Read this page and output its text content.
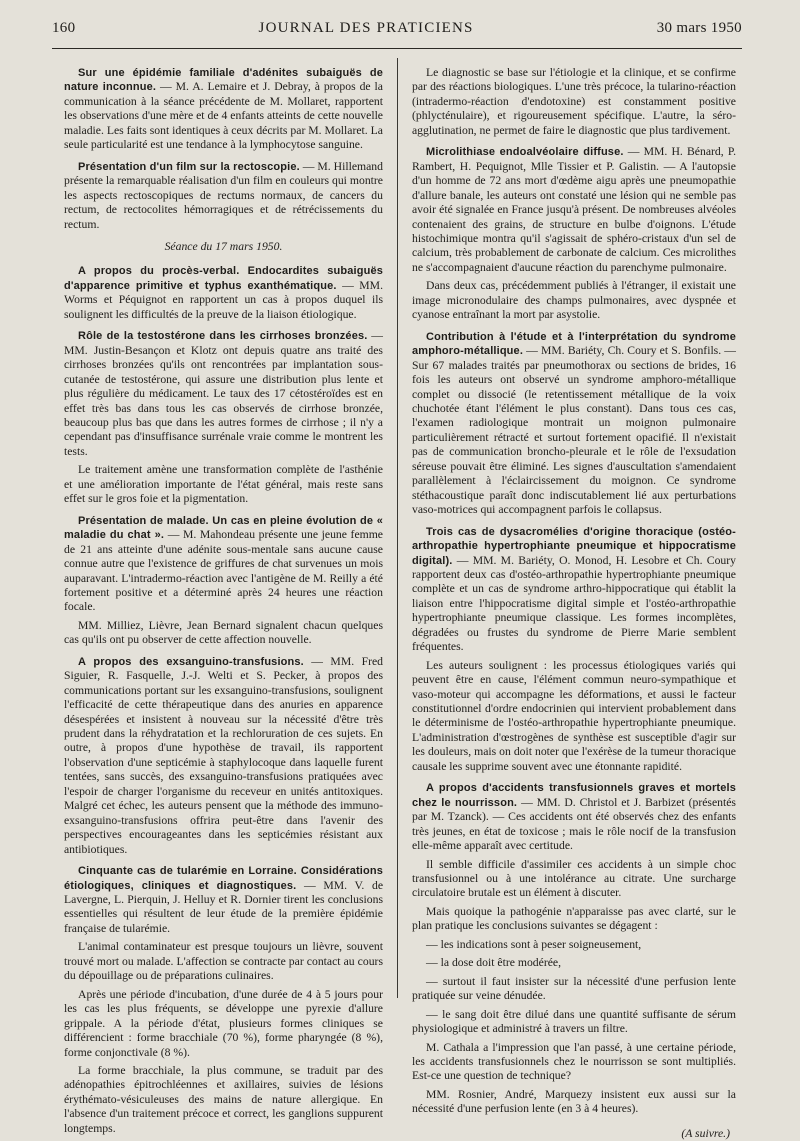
160	JOURNAL DES PRATICIENS	30 mars 1950

Sur une épidémie familiale d'adénites subaiguës de nature inconnue. — M. A. Lemaire et J. Debray, à propos de la communication à la séance précédente de M. Mollaret, rapportent les observations d'une mère et de 4 enfants atteints de cette nouvelle maladie. Les faits sont identiques à ceux décrits par M. Mollaret. La seule particularité est une tendance à la lymphocytose sanguine.

Présentation d'un film sur la rectoscopie. — M. Hillemand présente la remarquable réalisation d'un film en couleurs qui montre les aspects rectoscopiques de rectums normaux, de cancers du rectum, de rectocolites hémorragiques et de rétrécissements du rectum.

Séance du 17 mars 1950.

A propos du procès-verbal. Endocardites subaiguës d'apparence primitive et typhus exanthématique. — MM. Worms et Péquignot en rapportent un cas à propos duquel ils soulignent les difficultés de la preuve de la liaison étiologique.

Rôle de la testostérone dans les cirrhoses bronzées. — MM. Justin-Besançon et Klotz ont depuis quatre ans traité des cirrhoses bronzées qu'ils ont rencontrées par implantation sous-cutanée de testostérone, qui assure une distribution plus lente et plus régulière du médicament. Le taux des 17 cétostéroïdes est en effet très bas dans tous les cas observés de cirrhose bronzée, beaucoup plus bas que dans les autres formes de cirrhose ; il n'y a cependant pas d'insuffisance surrénale vraie comme le montrent les tests.

Le traitement amène une transformation complète de l'asthénie et une amélioration importante de l'état général, mais reste sans effet sur le gros foie et la pigmentation.

Présentation de malade. Un cas en pleine évolution de « maladie du chat ». — M. Mahondeau présente une jeune femme de 21 ans atteinte d'une adénite sous-mentale sans aucune cause connue autre que l'existence de griffures de chat survenues un mois auparavant. L'intradermo-réaction avec l'antigène de M. Reilly a été fortement positive et a déterminé après 24 heures une réaction focale.

MM. Milliez, Lièvre, Jean Bernard signalent chacun quelques cas qu'ils ont pu observer de cette affection nouvelle.

A propos des exsanguino-transfusions. — MM. Fred Siguier, R. Fasquelle, J.-J. Welti et S. Pecker, à propos des communications portant sur les exsanguino-transfusions, soulignent l'efficacité de cette thérapeutique dans des anuries en apparence désespérées et insistent à nouveau sur la nécessité d'être très prudent dans la réhydratation et la rechloruration de ces sujets. En outre, à propos d'une hypothèse de travail, ils rapportent l'observation d'une septicémie à staphylocoque dans laquelle furent tentées, sans succès, des exsanguino-transfusions pratiquées avec l'espoir de charger l'organisme du receveur en unités antitoxiques. Malgré cet échec, les auteurs pensent que la méthode des immuno-exsanguino-transfusions offrira peut-être dans l'avenir des perspectives encourageantes dans les septicémies résistant aux antibiotiques.

Cinquante cas de tularémie en Lorraine. Considérations étiologiques, cliniques et diagnostiques. — MM. V. de Lavergne, L. Pierquin, J. Helluy et R. Dornier tirent les conclusions essentielles qui résultent de leur étude de la première épidémie française de tularémie.

L'animal contaminateur est presque toujours un lièvre, souvent trouvé mort ou malade. L'affection se contracte par contact au cours du dépouillage ou de préparations culinaires.

Après une période d'incubation, d'une durée de 4 à 5 jours pour les cas les plus fréquents, se développe une pyrexie d'allure grippale. A la période d'état, plusieurs formes cliniques se différencient : forme bracchiale (70 %), forme pharyngée (8 %), forme conjonctivale (8 %).

La forme bracchiale, la plus commune, se traduit par des adénopathies épitrochléennes et axillaires, suivies de lésions érythémato-vésiculeuses des mains de nature allergique. En l'absence d'un traitement précoce et correct, les ganglions suppurent longtemps.

Le diagnostic se base sur l'étiologie et la clinique, et se confirme par des réactions biologiques. L'une très précoce, la tularino-réaction (intradermo-réaction d'endotoxine) est constamment positive (phlycténulaire), et rigoureusement spécifique. L'autre, la séro-agglutination, ne permet de faire le diagnostic que plus tardivement.

Microlithiase endoalvéolaire diffuse. — MM. H. Bénard, P. Rambert, H. Pequignot, Mlle Tissier et P. Galistin. — A l'autopsie d'un homme de 72 ans mort d'œdème aigu après une pneumopathie d'allure banale, les auteurs ont constaté une lésion qui ne semble pas avoir été signalée en France jusqu'à présent. De nombreuses alvéoles contenaient des grains, de structure en bulbe d'oignons. L'étude histochimique montra qu'il s'agissait de sphéro-cristaux d'un sel de calcium, très probablement de carbonate de calcium. Ces microlithes ne s'accompagnaient d'aucune réaction du parenchyme pulmonaire.

Dans deux cas, précédemment publiés à l'étranger, il existait une image micronodulaire des champs pulmonaires, avec dyspnée et cyanose entraînant la mort par asystolie.

Contribution à l'étude et à l'interprétation du syndrome amphoro-métallique. — MM. Bariéty, Ch. Coury et S. Bonfils. — Sur 67 malades traités par pneumothorax ou sections de brides, 16 fois les auteurs ont observé un syndrome amphoro-métallique complet ou dissocié (le retentissement métallique de la voix chuchotée étant l'élément le plus constant). Dans tous ces cas, l'examen radiologique montrait un moignon pulmonaire particulièrement rétracté et surtout fortement opacifié. Il n'existait pas de communication broncho-pleurale et le rôle de l'exsudation séreuse pouvait être éliminé. Les signes d'auscultation s'amendaient parallèlement à l'éclaircissement du moignon. Ce syndrome stéthacoustique paraît donc indiscutablement lié aux perturbations vaso-motrices qui accompagnent parfois le collapsus.

Trois cas de dysacromélies d'origine thoracique (ostéo-arthropathie hypertrophiante pneumique et hippocratisme digital). — MM. M. Bariéty, O. Monod, H. Lesobre et Ch. Coury rapportent deux cas d'ostéo-arthropathie hypertrophiante pneumique complète et un cas de syndrome arthro-hippocratique qui établit la liaison entre l'hippocratisme digital simple et l'ostéo-arthropathie hypertrophiante pneumique classique. Les formes incomplètes, dégradées ou frustes du syndrome de Pierre Marie semblent fréquentes.

Les auteurs soulignent : les processus étiologiques variés qui peuvent être en cause, l'élément commun neuro-sympathique et vaso-moteur qui accompagne les déformations, et aussi le facteur constitutionnel d'ordre endocrinien qui intervient probablement dans le déterminisme de l'ostéo-arthropathie hypertrophiante pneumique. L'administration d'œstrogènes de synthèse est susceptible d'agir sur les douleurs, mais on doit noter que l'exérèse de la tumeur thoracique causale les supprime souvent avec une étonnante rapidité.

A propos d'accidents transfusionnels graves et mortels chez le nourrisson. — MM. D. Christol et J. Barbizet (présentés par M. Tzanck). — Ces accidents ont été observés chez des enfants très jeunes, en état de toxicose ; mais le rôle nocif de la transfusion elle-même apparaît avec certitude.

Il semble difficile d'assimiler ces accidents à un simple choc transfusionnel ou à une intolérance au citrate. Une surcharge circulatoire brutale est un élément à discuter.

Mais quoique la pathogénie n'apparaisse pas avec clarté, sur le plan pratique les conclusions suivantes se dégagent :

— les indications sont à peser soigneusement,

— la dose doit être modérée,

— surtout il faut insister sur la nécessité d'une perfusion lente pratiquée sur veine dénudée.

— le sang doit être dilué dans une quantité suffisante de sérum physiologique et administré à travers un filtre.

M. Cathala a l'impression que l'an passé, à une certaine période, les accidents transfusionnels chez le nourrisson se sont multipliés. Est-ce une question de technique?

MM. Rosnier, André, Marquezy insistent eux aussi sur la nécessité d'une perfusion lente (en 3 à 4 heures).

(A suivre.)
